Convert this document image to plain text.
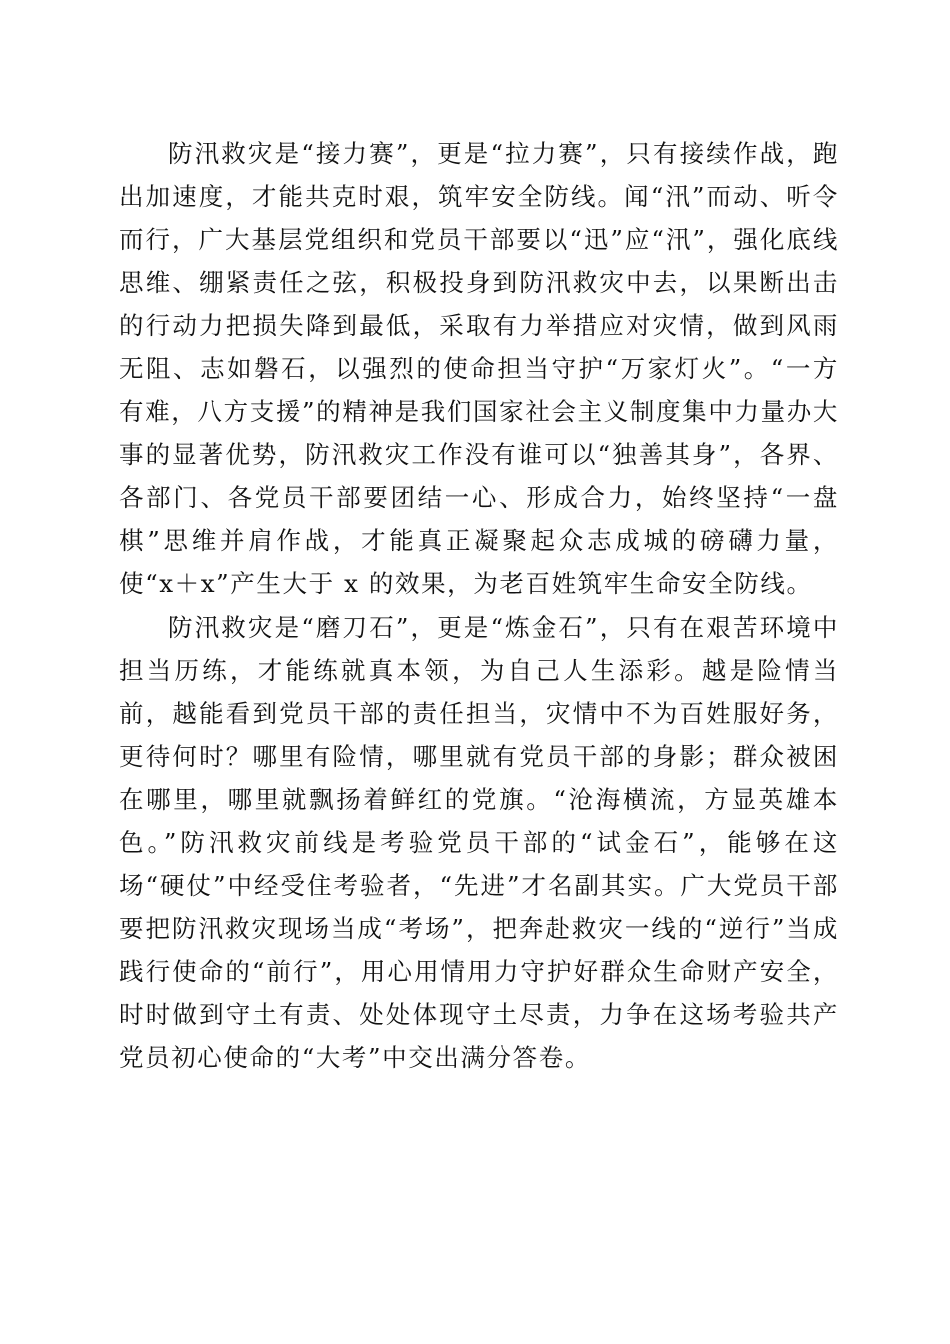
防汛救灾是“接力赛”，更是“拉力赛”，只有接续作战，跑出加速度，才能共克时艰，筑牢安全防线。闻“汛”而动、听令而行，广大基层党组织和党员干部要以“迅”应“汛”，强化底线思维、绷紧责任之弦，积极投身到防汛救灾中去，以果断出击的行动力把损失降到最低，采取有力举措应对灾情，做到风雨无阻、志如磐石，以强烈的使命担当守护“万家灯火”。“一方有难，八方支援”的精神是我们国家社会主义制度集中力量办大事的显著优势，防汛救灾工作没有谁可以“独善其身”，各界、各部门、各党员干部要团结一心、形成合力，始终坚持“一盘棋”思维并肩作战，才能真正凝聚起众志成城的磅礴力量，使“x＋x”产生大于 x 的效果，为老百姓筑牢生命安全防线。

防汛救灾是“磨刀石”，更是“炼金石”，只有在艰苦环境中担当历练，才能练就真本领，为自己人生添彩。越是险情当前，越能看到党员干部的责任担当，灾情中不为百姓服好务，更待何时？哪里有险情，哪里就有党员干部的身影；群众被困在哪里，哪里就飘扬着鲜红的党旗。“沧海横流，方显英雄本色。”防汛救灾前线是考验党员干部的“试金石”，能够在这场“硬仗”中经受住考验者，“先进”才名副其实。广大党员干部要把防汛救灾现场当成“考场”，把奔赴救灾一线的“逆行”当成践行使命的“前行”，用心用情用力守护好群众生命财产安全，时时做到守土有责、处处体现守土尽责，力争在这场考验共产党员初心使命的“大考”中交出满分答卷。
